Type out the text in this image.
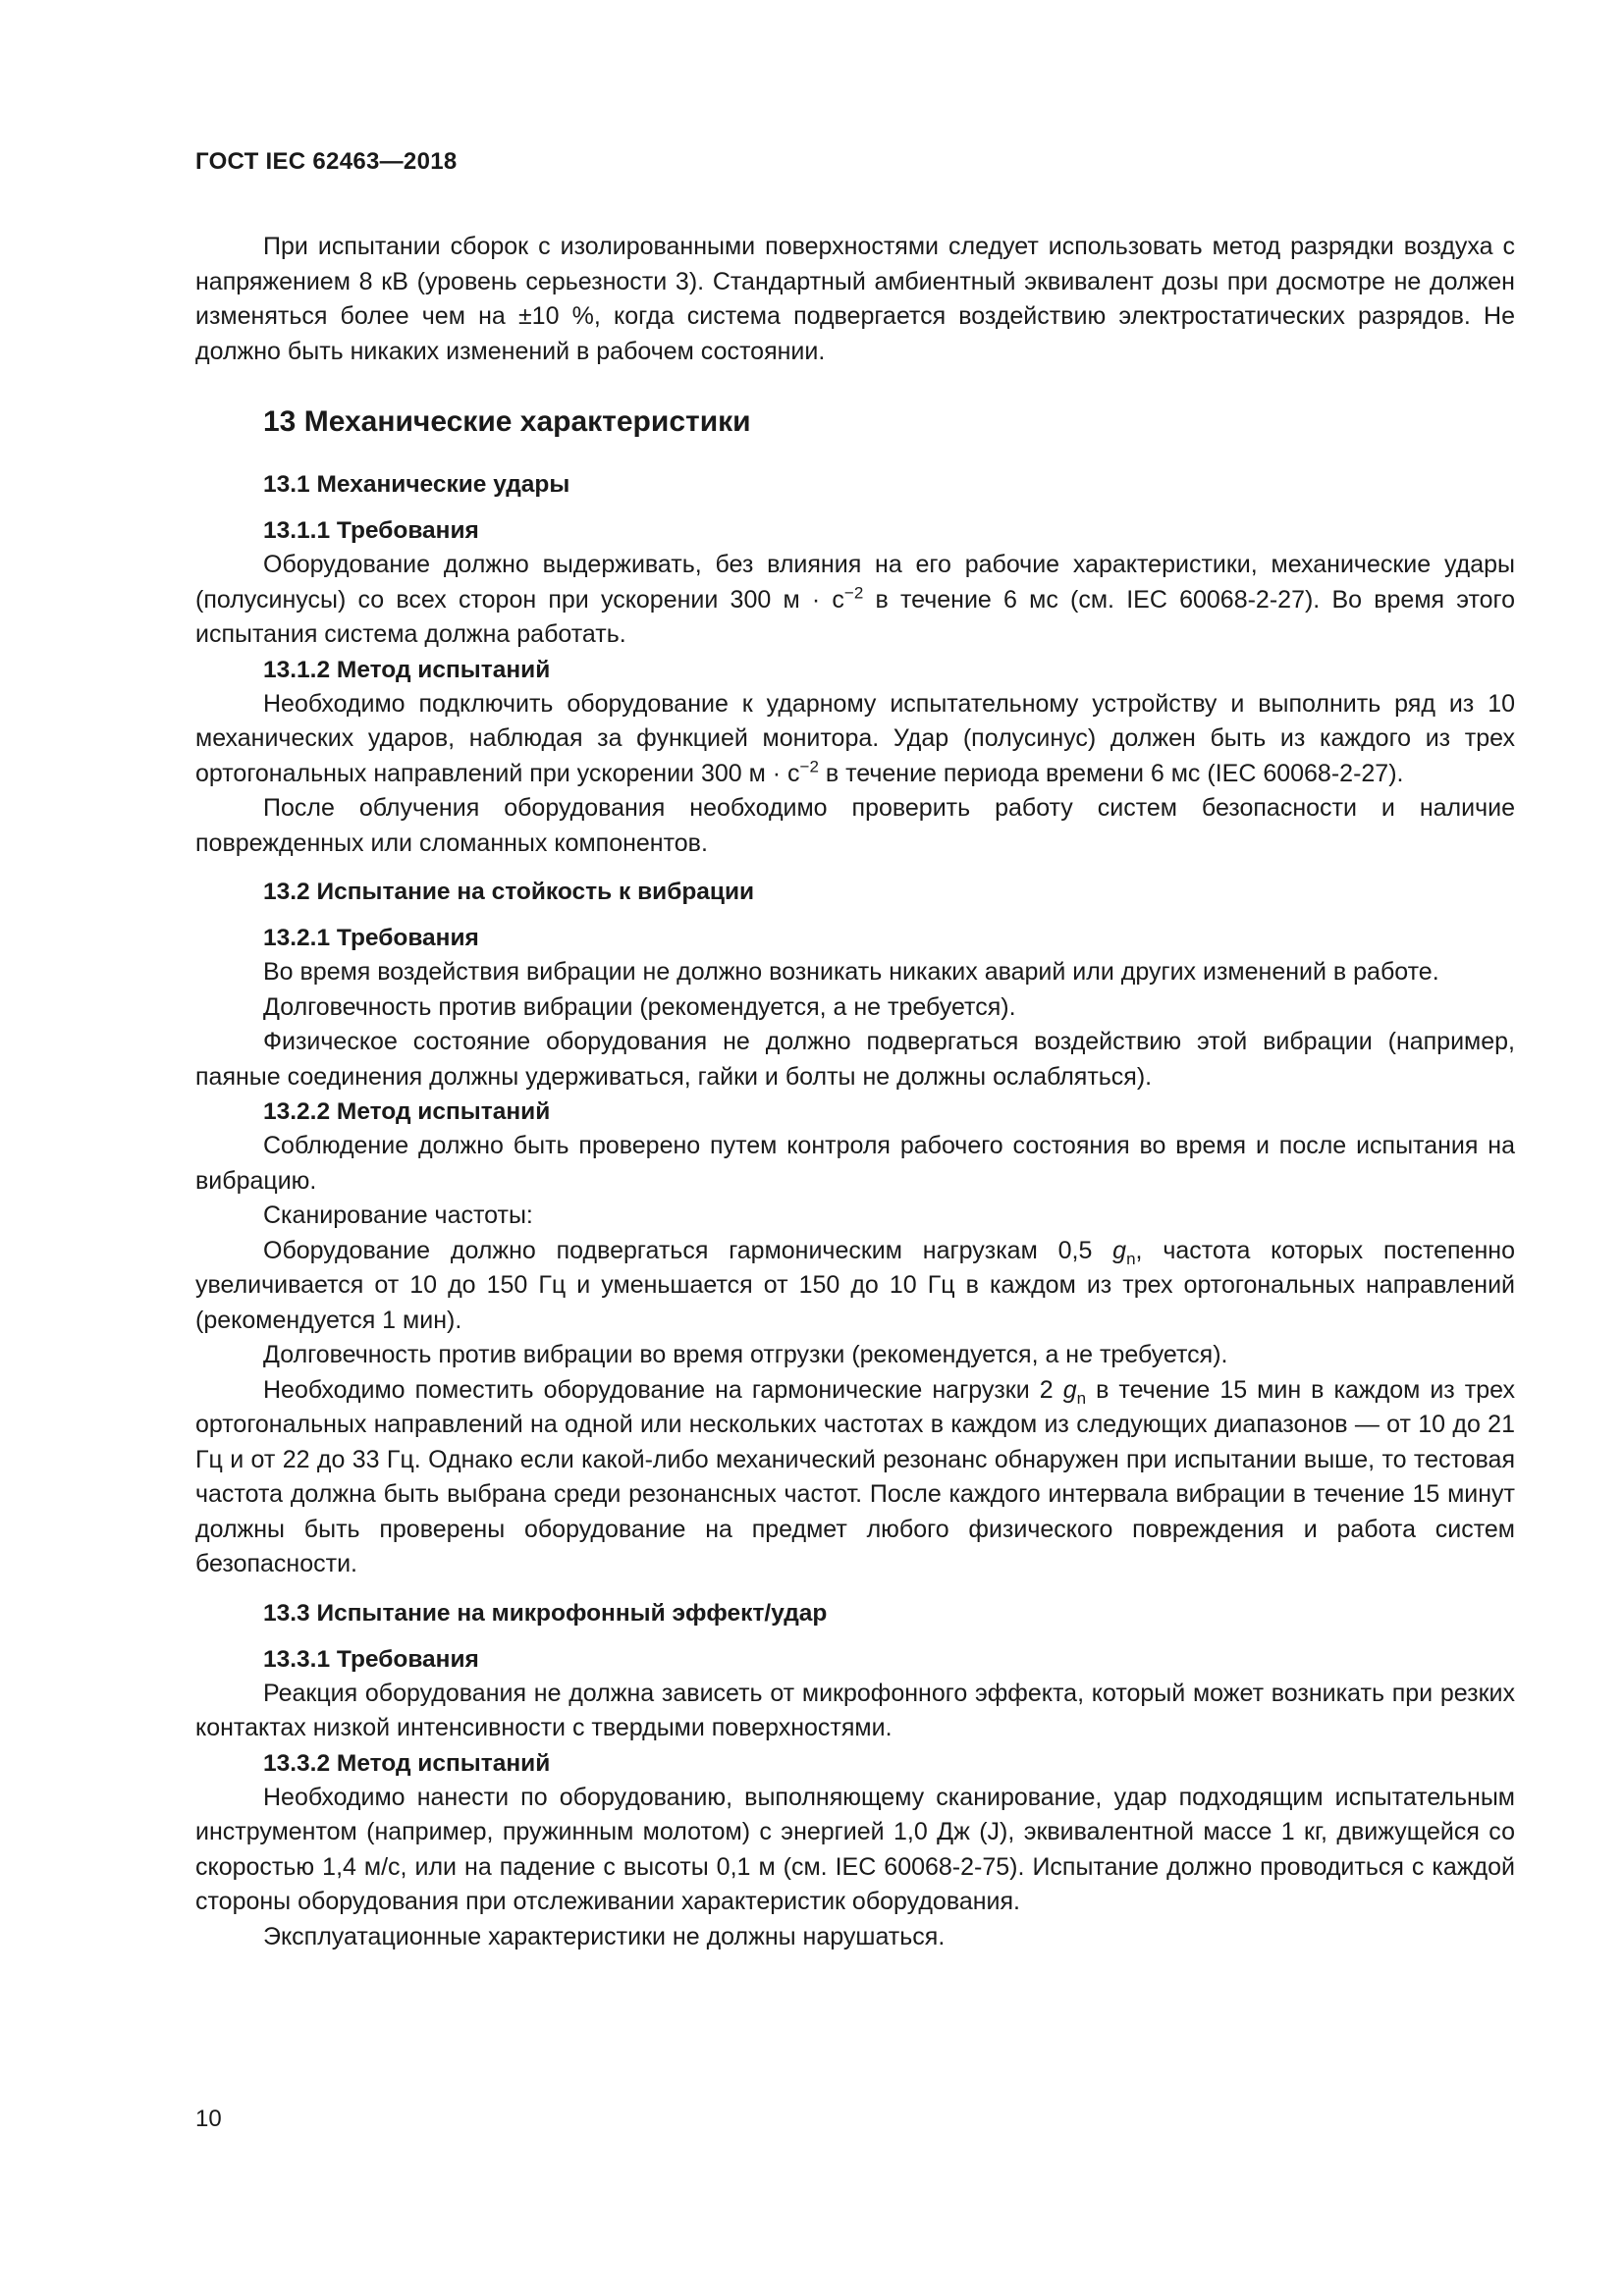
ГОСТ IEC 62463—2018

При испытании сборок с изолированными поверхностями следует использовать метод разрядки воздуха с напряжением 8 кВ (уровень серьезности 3). Стандартный амбиентный эквивалент дозы при досмотре не должен изменяться более чем на ±10 %, когда система подвергается воздействию электростатических разрядов. Не должно быть никаких изменений в рабочем состоянии.

13 Механические характеристики
13.1 Механические удары
13.1.1 Требования

Оборудование должно выдерживать, без влияния на его рабочие характеристики, механические удары (полусинусы) со всех сторон при ускорении 300 $м \cdot с^{-2}$ в течение 6 мс (см. IEC 60068-2-27). Во время этого испытания система должна работать.

13.1.2 Метод испытаний

Необходимо подключить оборудование к ударному испытательному устройству и выполнить ряд из 10 механических ударов, наблюдая за функцией монитора. Удар (полусинус) должен быть из каждого из трех ортогональных направлений при ускорении 300 $м \cdot с^{-2}$ в течение периода времени 6 мс (IEC 60068-2-27).

После облучения оборудования необходимо проверить работу систем безопасности и наличие поврежденных или сломанных компонентов.

13.2 Испытание на стойкость к вибрации
13.2.1 Требования

Во время воздействия вибрации не должно возникать никаких аварий или других изменений в работе.

Долговечность против вибрации (рекомендуется, а не требуется).

Физическое состояние оборудования не должно подвергаться воздействию этой вибрации (например, паяные соединения должны удерживаться, гайки и болты не должны ослабляться).

13.2.2 Метод испытаний

Соблюдение должно быть проверено путем контроля рабочего состояния во время и после испытания на вибрацию.

Сканирование частоты:

Оборудование должно подвергаться гармоническим нагрузкам 0,5 $g_n$, частота которых постепенно увеличивается от 10 до 150 Гц и уменьшается от 150 до 10 Гц в каждом из трех ортогональных направлений (рекомендуется 1 мин).

Долговечность против вибрации во время отгрузки (рекомендуется, а не требуется).

Необходимо поместить оборудование на гармонические нагрузки 2 $g_n$ в течение 15 мин в каждом из трех ортогональных направлений на одной или нескольких частотах в каждом из следующих диапазонов — от 10 до 21 Гц и от 22 до 33 Гц. Однако если какой-либо механический резонанс обнаружен при испытании выше, то тестовая частота должна быть выбрана среди резонансных частот. После каждого интервала вибрации в течение 15 минут должны быть проверены оборудование на предмет любого физического повреждения и работа систем безопасности.

13.3 Испытание на микрофонный эффект/удар
13.3.1 Требования

Реакция оборудования не должна зависеть от микрофонного эффекта, который может возникать при резких контактах низкой интенсивности с твердыми поверхностями.

13.3.2 Метод испытаний

Необходимо нанести по оборудованию, выполняющему сканирование, удар подходящим испытательным инструментом (например, пружинным молотом) с энергией 1,0 Дж (J), эквивалентной массе 1 кг, движущейся со скоростью 1,4 м/с, или на падение с высоты 0,1 м (см. IEC 60068-2-75). Испытание должно проводиться с каждой стороны оборудования при отслеживании характеристик оборудования.

Эксплуатационные характеристики не должны нарушаться.

10
